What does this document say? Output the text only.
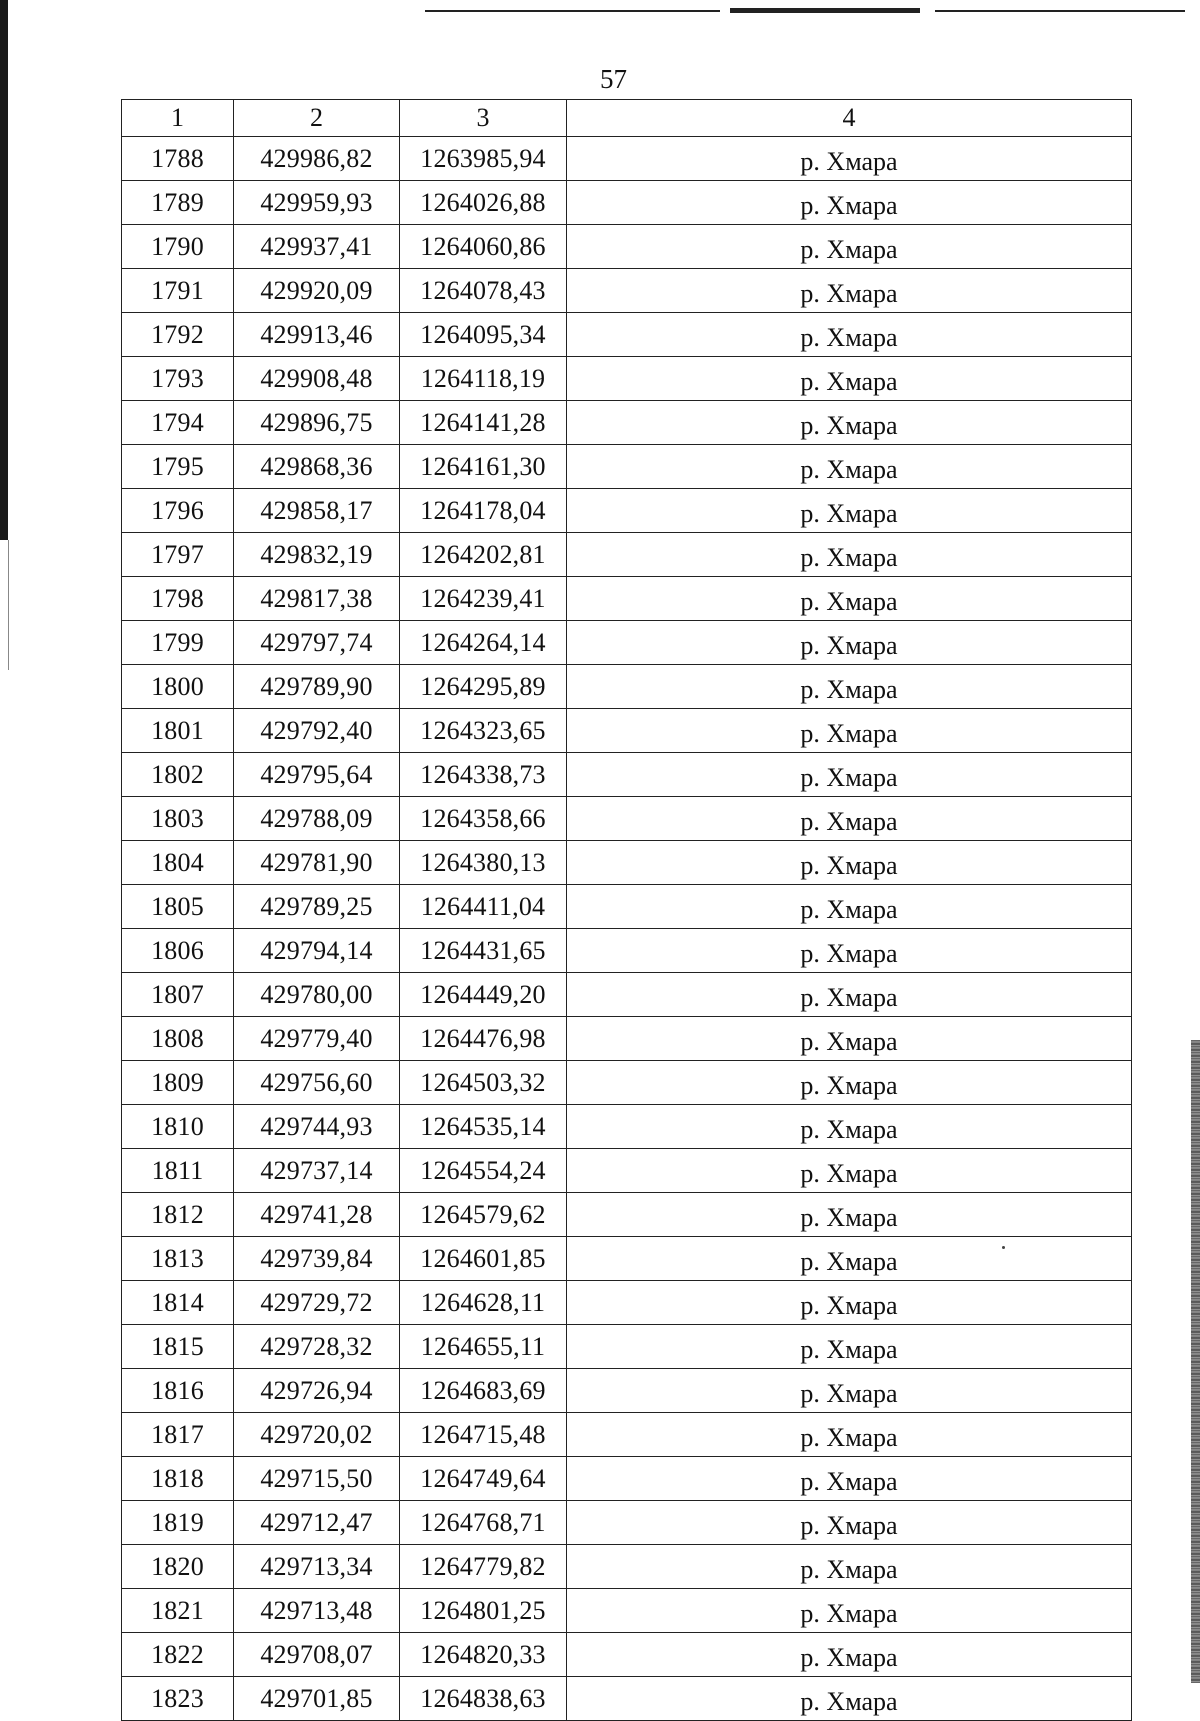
57
1	2	3	4
1788	429986,82	1263985,94	р. Хмара
1789	429959,93	1264026,88	р. Хмара
1790	429937,41	1264060,86	р. Хмара
1791	429920,09	1264078,43	р. Хмара
1792	429913,46	1264095,34	р. Хмара
1793	429908,48	1264118,19	р. Хмара
1794	429896,75	1264141,28	р. Хмара
1795	429868,36	1264161,30	р. Хмара
1796	429858,17	1264178,04	р. Хмара
1797	429832,19	1264202,81	р. Хмара
1798	429817,38	1264239,41	р. Хмара
1799	429797,74	1264264,14	р. Хмара
1800	429789,90	1264295,89	р. Хмара
1801	429792,40	1264323,65	р. Хмара
1802	429795,64	1264338,73	р. Хмара
1803	429788,09	1264358,66	р. Хмара
1804	429781,90	1264380,13	р. Хмара
1805	429789,25	1264411,04	р. Хмара
1806	429794,14	1264431,65	р. Хмара
1807	429780,00	1264449,20	р. Хмара
1808	429779,40	1264476,98	р. Хмара
1809	429756,60	1264503,32	р. Хмара
1810	429744,93	1264535,14	р. Хмара
1811	429737,14	1264554,24	р. Хмара
1812	429741,28	1264579,62	р. Хмара
1813	429739,84	1264601,85	р. Хмара
1814	429729,72	1264628,11	р. Хмара
1815	429728,32	1264655,11	р. Хмара
1816	429726,94	1264683,69	р. Хмара
1817	429720,02	1264715,48	р. Хмара
1818	429715,50	1264749,64	р. Хмара
1819	429712,47	1264768,71	р. Хмара
1820	429713,34	1264779,82	р. Хмара
1821	429713,48	1264801,25	р. Хмара
1822	429708,07	1264820,33	р. Хмара
1823	429701,85	1264838,63	р. Хмара
